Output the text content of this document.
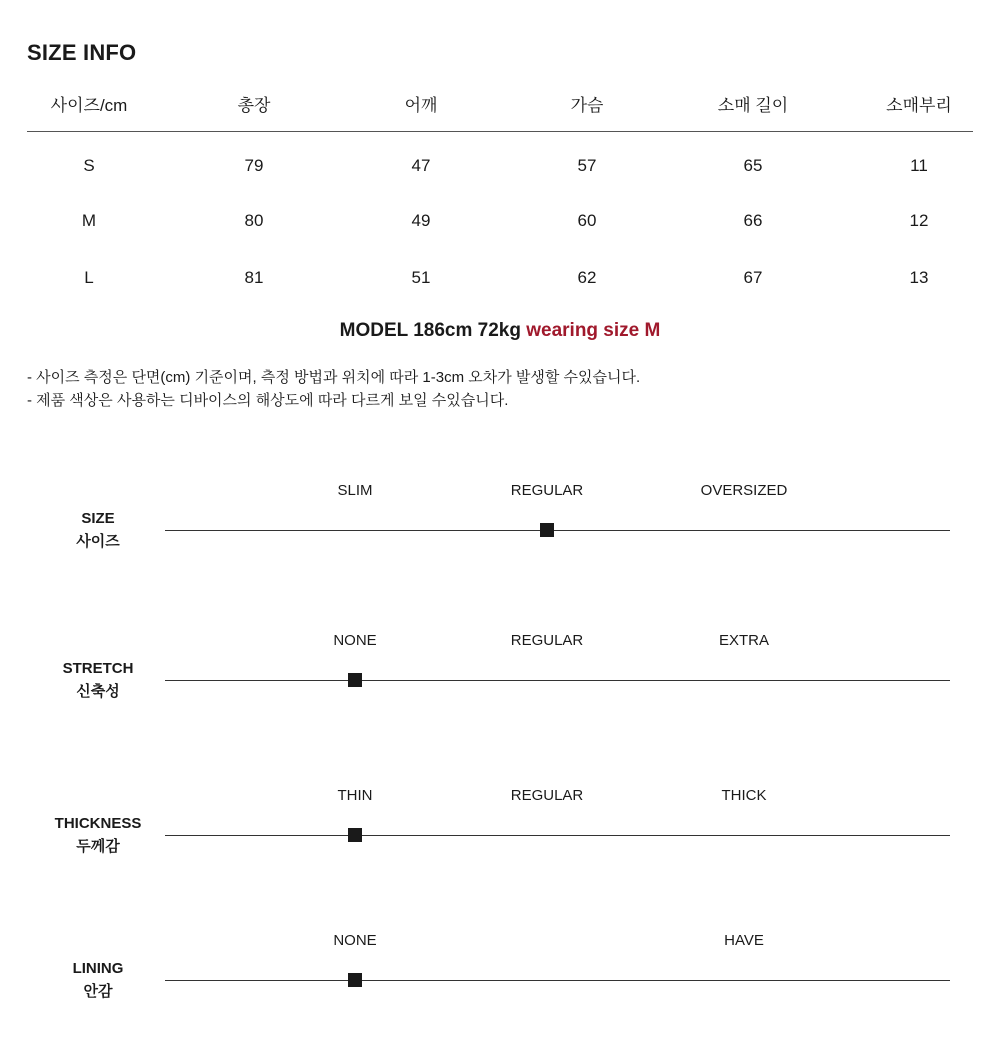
SIZE INFO
사이즈/cm	총장	어깨	가슴	소매 길이	소매부리
S	79	47	57	65	11
M	80	49	60	66	12
L	81	51	62	67	13
MODEL 186cm 72kg wearing size M
- 사이즈 측정은 단면(cm) 기준이며, 측정 방법과 위치에 따라 1-3cm 오차가 발생할 수있습니다.
- 제품 색상은 사용하는 디바이스의 해상도에 따라 다르게 보일 수있습니다.
SIZE
사이즈
SLIM	REGULAR	OVERSIZED
STRETCH
신축성
NONE	REGULAR	EXTRA
THICKNESS
두께감
THIN	REGULAR	THICK
LINING
안감
NONE	HAVE
